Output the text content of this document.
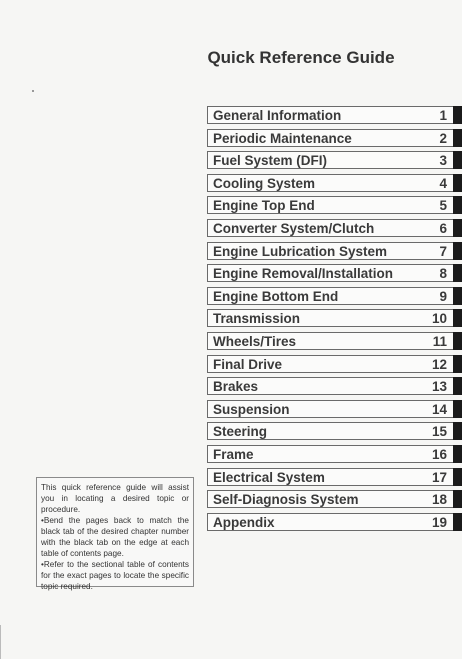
Quick Reference Guide
General Information	1
Periodic Maintenance	2
Fuel System (DFI)	3
Cooling System	4
Engine Top End	5
Converter System/Clutch	6
Engine Lubrication System	7
Engine Removal/Installation	8
Engine Bottom End	9
Transmission	10
Wheels/Tires	11
Final Drive	12
Brakes	13
Suspension	14
Steering	15
Frame	16
Electrical System	17
Self-Diagnosis System	18
Appendix	19

This quick reference guide will assist you in locating a desired topic or procedure.

•Bend the pages back to match the black tab of the desired chapter number with the black tab on the edge at each table of contents page.

•Refer to the sectional table of contents for the exact pages to locate the specific topic required.
